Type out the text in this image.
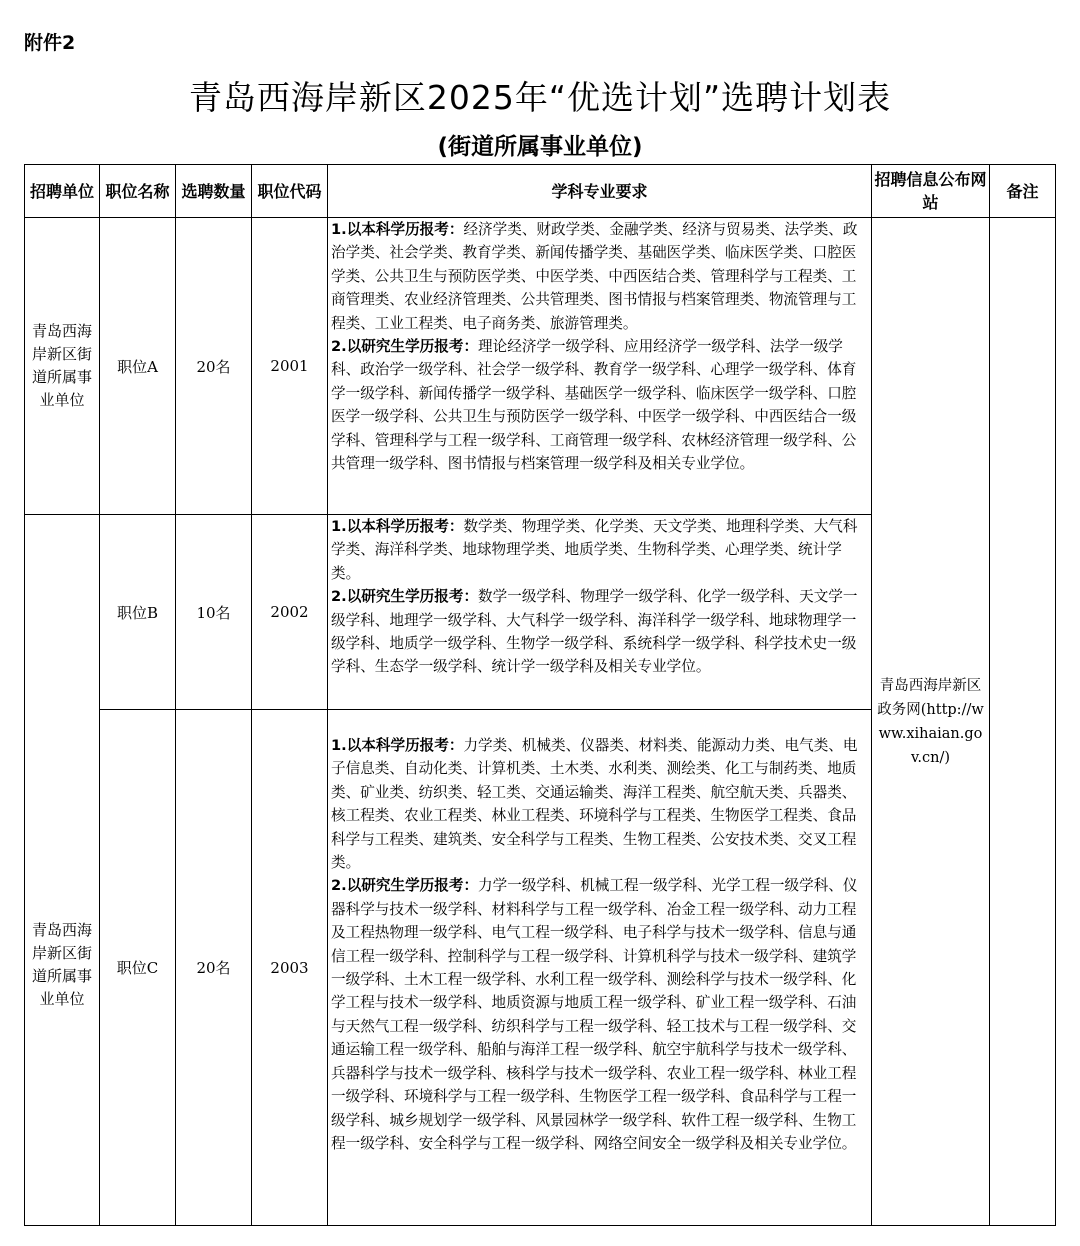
附件2
青岛西海岸新区2025年“优选计划”选聘计划表
(街道所属事业单位)
招聘单位	职位名称	选聘数量	职位代码	学科专业要求	招聘信息公布网站	备注
青岛西海岸新区街道所属事业单位	职位A	20名	2001	1.以本科学历报考：经济学类、财政学类、金融学类、经济与贸易类、法学类、政治学类、社会学类、教育学类、新闻传播学类、基础医学类、临床医学类、口腔医学类、公共卫生与预防医学类、中医学类、中西医结合类、管理科学与工程类、工商管理类、农业经济管理类、公共管理类、图书情报与档案管理类、物流管理与工程类、工业工程类、电子商务类、旅游管理类。

2.以研究生学历报考：理论经济学一级学科、应用经济学一级学科、法学一级学科、政治学一级学科、社会学一级学科、教育学一级学科、心理学一级学科、体育学一级学科、新闻传播学一级学科、基础医学一级学科、临床医学一级学科、口腔医学一级学科、公共卫生与预防医学一级学科、中医学一级学科、中西医结合一级学科、管理科学与工程一级学科、工商管理一级学科、农林经济管理一级学科、公共管理一级学科、图书情报与档案管理一级学科及相关专业学位。	青岛西海岸新区政务网(http://www.xihaian.gov.cn/)	
青岛西海岸新区街道所属事业单位	职位B	10名	2002	1.以本科学历报考：数学类、物理学类、化学类、天文学类、地理科学类、大气科学类、海洋科学类、地球物理学类、地质学类、生物科学类、心理学类、统计学类。

2.以研究生学历报考：数学一级学科、物理学一级学科、化学一级学科、天文学一级学科、地理学一级学科、大气科学一级学科、海洋科学一级学科、地球物理学一级学科、地质学一级学科、生物学一级学科、系统科学一级学科、科学技术史一级学科、生态学一级学科、统计学一级学科及相关专业学位。		

	职位C	20名	2003	1.以本科学历报考：力学类、机械类、仪器类、材料类、能源动力类、电气类、电子信息类、自动化类、计算机类、土木类、水利类、测绘类、化工与制药类、地质类、矿业类、纺织类、轻工类、交通运输类、海洋工程类、航空航天类、兵器类、核工程类、农业工程类、林业工程类、环境科学与工程类、生物医学工程类、食品科学与工程类、建筑类、安全科学与工程类、生物工程类、公安技术类、交叉工程类。

2.以研究生学历报考：力学一级学科、机械工程一级学科、光学工程一级学科、仪器科学与技术一级学科、材料科学与工程一级学科、冶金工程一级学科、动力工程及工程热物理一级学科、电气工程一级学科、电子科学与技术一级学科、信息与通信工程一级学科、控制科学与工程一级学科、计算机科学与技术一级学科、建筑学一级学科、土木工程一级学科、水利工程一级学科、测绘科学与技术一级学科、化学工程与技术一级学科、地质资源与地质工程一级学科、矿业工程一级学科、石油与天然气工程一级学科、纺织科学与工程一级学科、轻工技术与工程一级学科、交通运输工程一级学科、船舶与海洋工程一级学科、航空宇航科学与技术一级学科、兵器科学与技术一级学科、核科学与技术一级学科、农业工程一级学科、林业工程一级学科、环境科学与工程一级学科、生物医学工程一级学科、食品科学与工程一级学科、城乡规划学一级学科、风景园林学一级学科、软件工程一级学科、生物工程一级学科、安全科学与工程一级学科、网络空间安全一级学科及相关专业学位。		
